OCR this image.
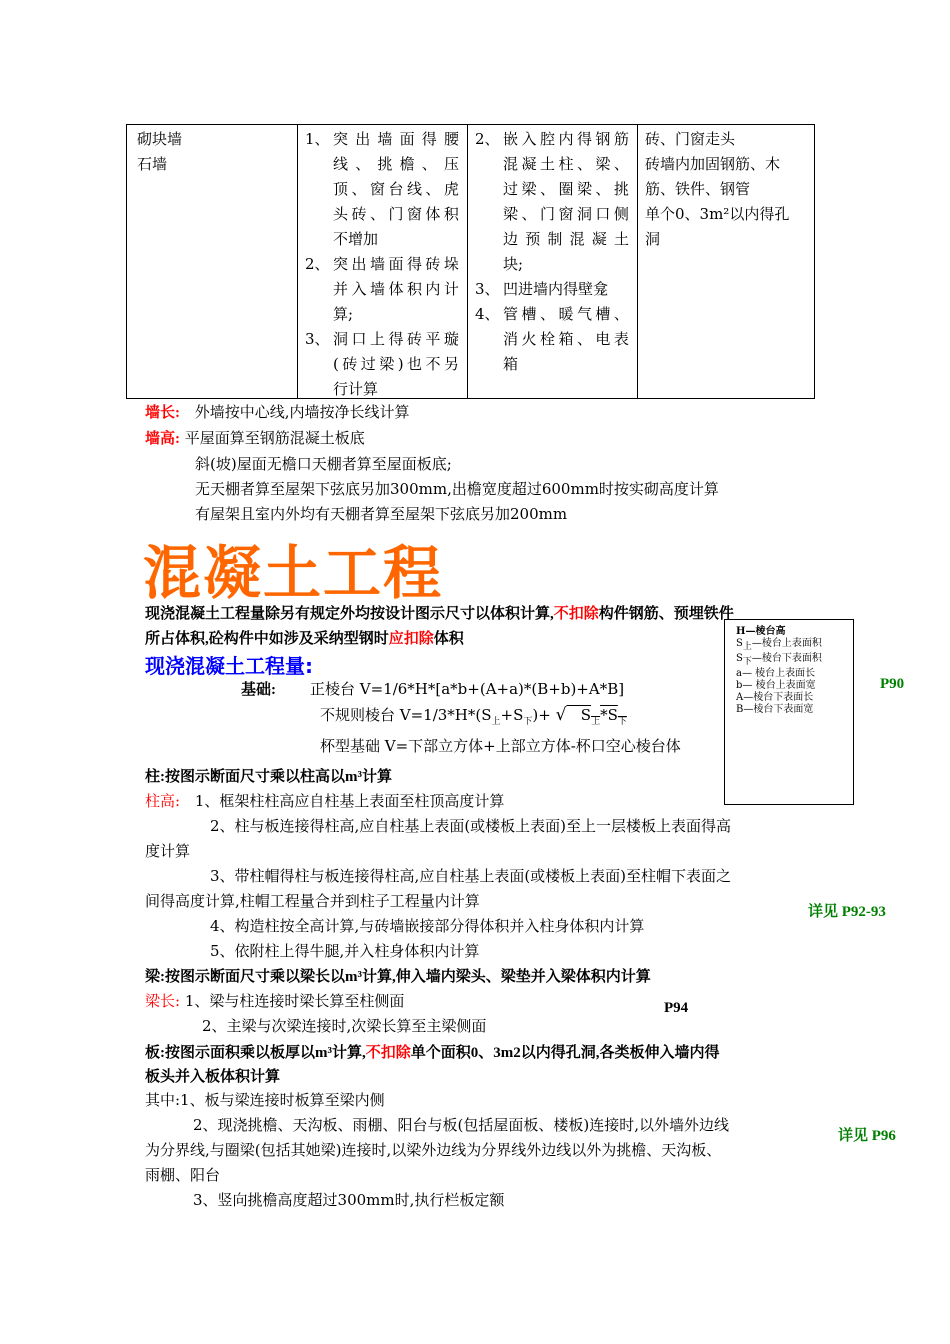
砌块墙
石墙
1、 突 出 墙 面 得 腰
线 、 挑 檐 、 压
顶 、 窗 台 线 、 虎
头 砖 、 门 窗 体 积
不增加
2、 突 出 墙 面 得 砖 垛
并 入 墙 体 积 内 计
算;
3、 洞 口 上 得 砖 平 璇
( 砖 过 梁 ) 也 不 另
行计算
2、 嵌 入 腔 内 得 钢 筋
混 凝 土 柱 、 梁 、
过 梁 、 圈 梁 、 挑
梁 、 门 窗 洞 口 侧
边 预 制 混 凝 土
块;
3、 凹进墙内得壁龛
4、 管 槽 、 暖 气 槽 、
消 火 栓 箱 、 电 表
箱
砖、门窗走头
砖墙内加固钢筋、木
筋、铁件、钢管
单个0、3m²以内得孔
洞
墙长: 外墙按中心线,内墙按净长线计算
墙高: 平屋面算至钢筋混凝土板底
斜(坡)屋面无檐口天棚者算至屋面板底;
无天棚者算至屋架下弦底另加300mm,出檐宽度超过600mm时按实砌高度计算
有屋架且室内外均有天棚者算至屋架下弦底另加200mm
混凝土工程
现浇混凝土工程量除另有规定外均按设计图示尺寸以体积计算,不扣除构件钢筋、预埋铁件
所占体积,砼构件中如涉及采纳型钢时应扣除体积
现浇混凝土工程量:
基础: 正棱台 V=1/6*H*[a*b+(A+a)*(B+b)+A*B]
不规则棱台 $V=1/3*H*(S_上+S_下)+$ √   $S_上*S_下$
杯型基础 V=下部立方体+上部立方体-杯口空心棱台体
H—棱台高
$S_上—$棱台上表面积
$S_下—$棱台下表面积
a— 棱台上表面长
b— 棱台上表面宽
A—棱台下表面长
B—棱台下表面宽
P90
柱:按图示断面尺寸乘以柱高以m³计算
柱高: 1、框架柱柱高应自柱基上表面至柱顶高度计算
2、柱与板连接得柱高,应自柱基上表面(或楼板上表面)至上一层楼板上表面得高
度计算
3、带柱帽得柱与板连接得柱高,应自柱基上表面(或楼板上表面)至柱帽下表面之
间得高度计算,柱帽工程量合并到柱子工程量内计算
4、构造柱按全高计算,与砖墙嵌接部分得体积并入柱身体积内计算
5、依附柱上得牛腿,并入柱身体积内计算
详见 P92-93
梁:按图示断面尺寸乘以梁长以m³计算,伸入墙内梁头、梁垫并入梁体积内计算
梁长: 1、梁与柱连接时梁长算至柱侧面
2、主梁与次梁连接时,次梁长算至主梁侧面
P94
板:按图示面积乘以板厚以m³计算,不扣除单个面积0、3m2以内得孔洞,各类板伸入墙内得
板头并入板体积计算
其中:1、板与梁连接时板算至梁内侧
2、现浇挑檐、天沟板、雨棚、阳台与板(包括屋面板、楼板)连接时,以外墙外边线
为分界线,与圈梁(包括其她梁)连接时,以梁外边线为分界线外边线以外为挑檐、天沟板、
雨棚、阳台
3、竖向挑檐高度超过300mm时,执行栏板定额
详见 P96
